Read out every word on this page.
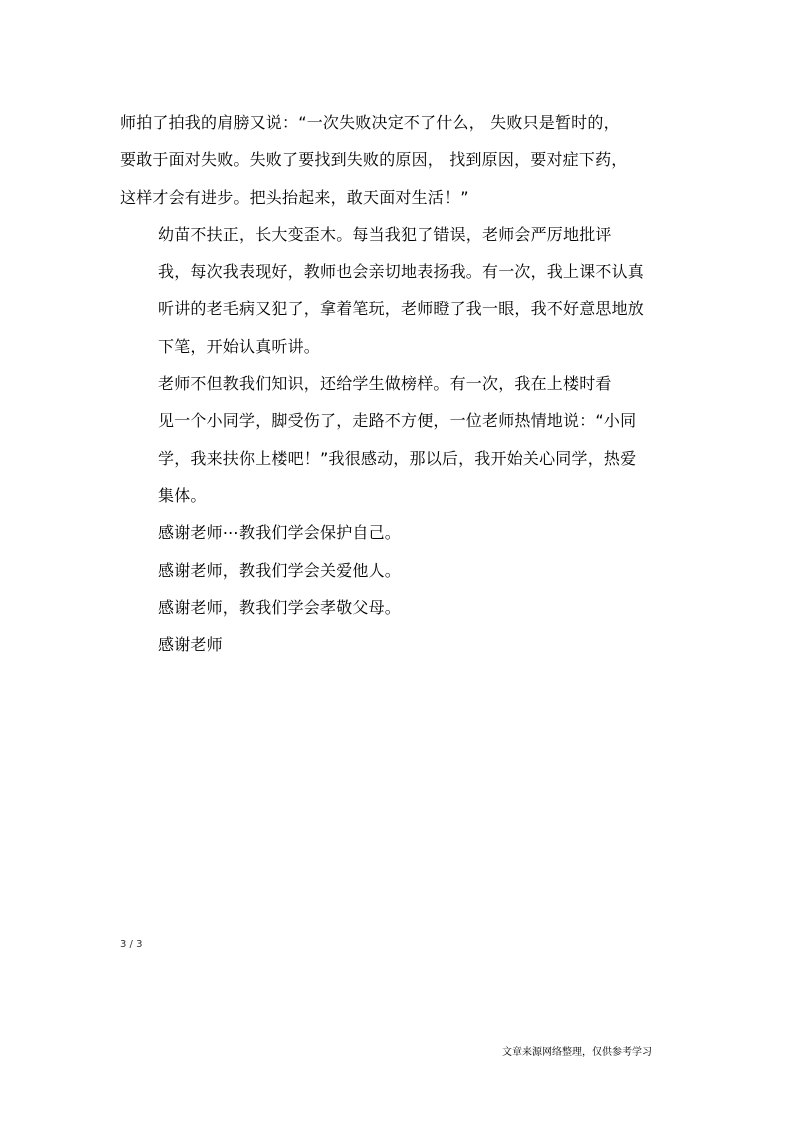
师拍了拍我的肩膀又说：“一次失败决定不了什么， 失败只是暂时的，
要敢于面对失败。失败了要找到失败的原因， 找到原因，要对症下药，
这样才会有进步。把头抬起来，敢天面对生活！”

幼苗不扶正，长大变歪木。每当我犯了错误，老师会严厉地批评
我，每次我表现好，教师也会亲切地表扬我。有一次，我上课不认真
听讲的老毛病又犯了，拿着笔玩，老师瞪了我一眼，我不好意思地放
下笔，开始认真听讲。

老师不但教我们知识，还给学生做榜样。有一次，我在上楼时看
见一个小同学，脚受伤了，走路不方便，一位老师热情地说：“小同
学，我来扶你上楼吧！”我很感动，那以后，我开始关心同学，热爱
集体。

感谢老师⋯教我们学会保护自己。

感谢老师，教我们学会关爱他人。

感谢老师，教我们学会孝敬父母。

感谢老师

3 / 3
文章来源网络整理，仅供参考学习
